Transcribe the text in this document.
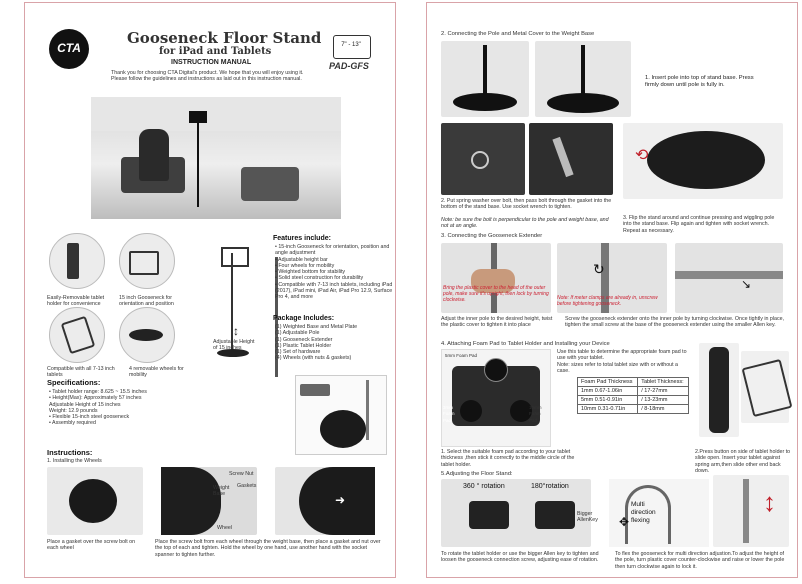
CTA
Gooseneck Floor Stand
for iPad and Tablets
INSTRUCTION MANUAL
Thank you for choosing CTA Digital's product. We hope that you will enjoy using it.
Please follow the guidelines and instructions as laid out in this instruction manual.
7" - 13"
PAD-GFS
Easily-Removable tablet holder for convenience
15 inch Gooseneck for orientation and position
Compatible with all 7-13 inch tablets
4 removable wheels for mobility
Adjustable Height of 15 inches
↕
Features include:
• 15-inch Gooseneck for orientation, position and angle adjustment
• Adjustable height bar
• Four wheels for mobility
• Weighted bottom for stability
• Solid steel construction for durability
• Compatible with 7-13 inch tablets, including iPad (2017), iPad mini, iPad Air, iPad Pro 12.9, Surface Pro 4, and more
Package Includes:
(1) Weighted Base and Metal Plate
(1) Adjustable Pole
(1) Gooseneck Extender
(1) Plastic Tablet Holder
(1) Set of hardware
(4) Wheels (with nuts & gaskets)
Specifications:
• Tablet holder range: 8.625 ~ 15.5 inches
• Height(Max): Approximately 57 inches
Adjustable Height of 15 inches
Weight: 12.9 pounds
• Flexible 15-inch steel gooseneck
• Assembly required
Instructions:
1. Installing the Wheels
Screw Nut
Weight Base
Gaskets
Wheel
➜
Place a gasket over the screw bolt on each wheel
Place the screw bolt from each wheel through the weight base, then place a gasket and nut over the top of each and tighten. Hold the wheel by one hand, use another hand with the socket spanner to tighten further.
2. Connecting the Pole and Metal Cover to the Weight Base
1. Insert pole into top of stand base. Press firmly down until pole is fully in.
⟲
2. Put spring washer over bolt, then pass bolt through the gasket into the bottom of the stand base. Use socket wrench to tighten.
Note: be sure the bolt is perpendicular to the pole and weight base, and not at an angle.
3. Flip the stand around and continue pressing and wiggling pole into the stand base. Flip again and tighten with socket wrench. Repeat as necessary.
3. Connecting the Gooseneck Extender
Bring the plastic cover to the head of the outer pole, make sure it's upright, then lock by turning clockwise.
↻
Note: If meter clamps are already in, unscrew before tightening gooseneck.
↘
Adjust the inner pole to the desired height, twist the plastic cover to tighten it into place
Screw the gooseneck extender onto the inner pole by turning clockwise. Once tightly in place, tighten the small screw at the base of the gooseneck extender using the smaller Allen key.
4. Attaching Foam Pad to Tablet Holder and Installing your Device
5mm Foam Pad
3mm Foam Pad
10mm Foam Pad
Use this table to determine the appropriate foam pad to use with your tablet.
Note: sizes refer to total tablet size with or without a case.
Foam Pad Thickness	Tablet Thickness:
1mm 0.67-1.06in	/ 17-27mm
5mm 0.51-0.91in	/ 13-23mm
10mm 0.31-0.71in	/ 8-18mm
1. Select the suitable foam pad according to your tablet thickness ,then stick it correctly to the middle circle of the tablet holder.
2.Press button on side of tablet holder to slide open. Insert your tablet against spring arm,then slide other end back down.
5.Adjusting the Floor Stand:
360 ° rotation	180°rotation
Bigger AllenKey	✥
Multi direction flexing
↕
To rotate the tablet holder or use the bigger Allen key to tighten and loosen the gooseneck connection screw, adjusting ease of rotation.
To flex the gooseneck for multi direction adjustion.To adjust the height of the pole, turn plastic cover counter-clockwise and raise or lower the pole then turn clockwise again to lock it.
